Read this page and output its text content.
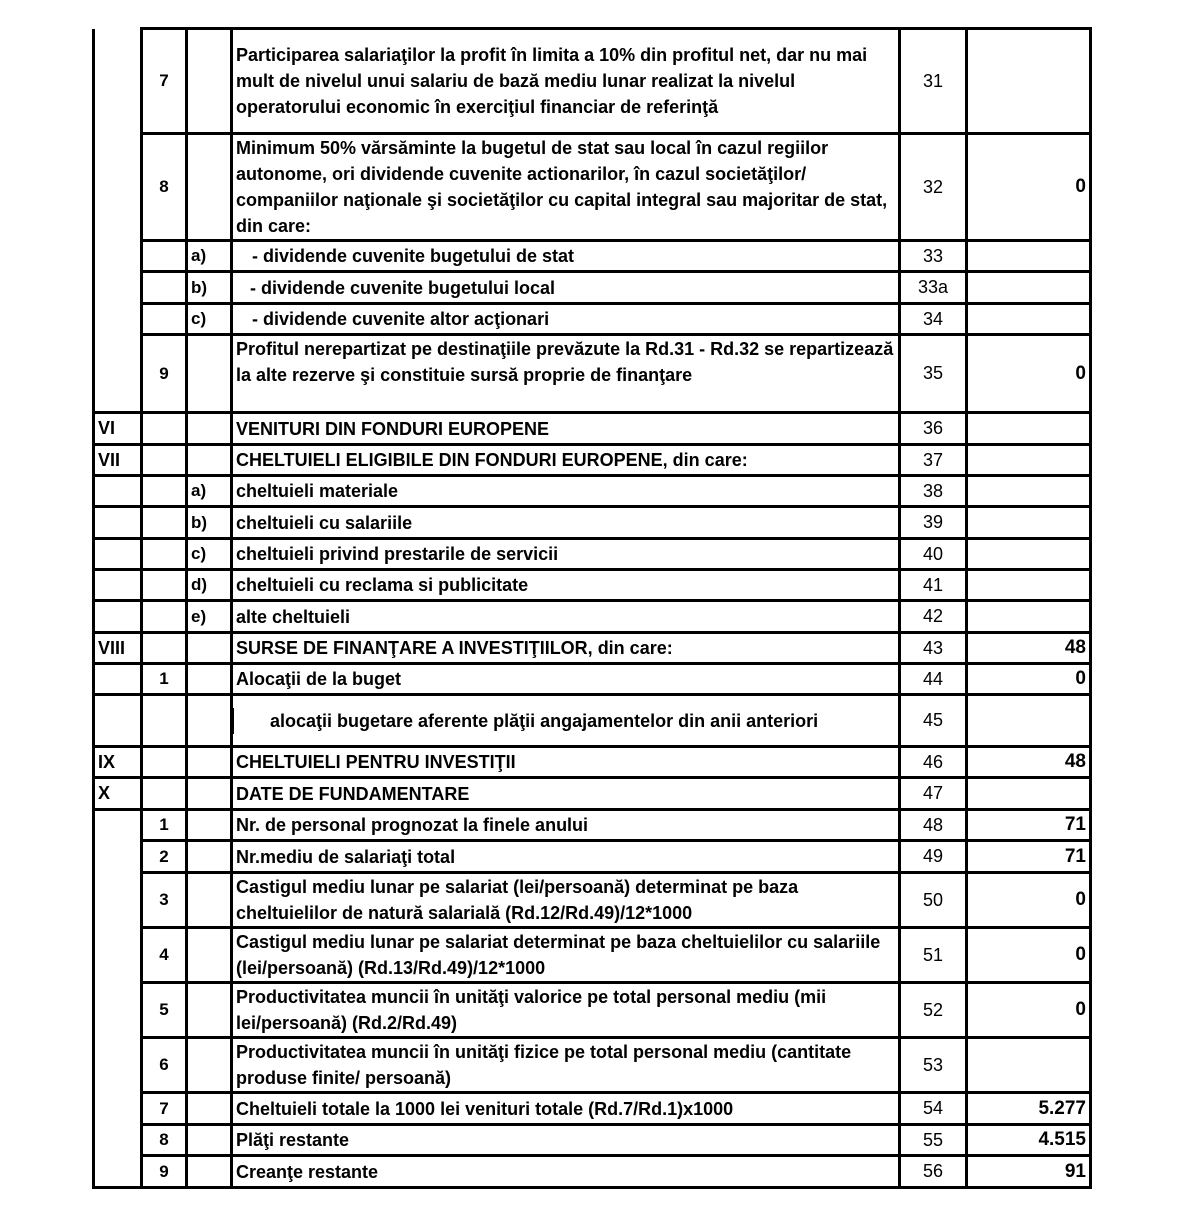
	7		Participarea salariaţilor la profit în limita a 10% din profitul net, dar nu mai mult de nivelul unui salariu de bază mediu lunar realizat la nivelul operatorului economic în exerciţiul financiar de referinţă	31	
	8		Minimum 50% vărsăminte la bugetul de stat sau local în cazul regiilor autonome, ori dividende cuvenite actionarilor, în cazul societăţilor/ companiilor naţionale şi societăţilor cu capital integral sau majoritar de stat, din care:	32	0
		a)	- dividende cuvenite bugetului de stat	33	
		b)	- dividende cuvenite bugetului local	33a	
		c)	- dividende cuvenite altor acţionari	34	
	9		Profitul nerepartizat pe destinaţiile prevăzute la Rd.31 - Rd.32 se repartizează la alte rezerve şi constituie sursă proprie de finanţare	35	0
VI			VENITURI DIN FONDURI EUROPENE	36	
VII			CHELTUIELI ELIGIBILE DIN FONDURI EUROPENE, din care:	37	
		a)	cheltuieli materiale	38	
		b)	cheltuieli cu salariile	39	
		c)	cheltuieli privind prestarile de servicii	40	
		d)	cheltuieli cu reclama si publicitate	41	
		e)	alte cheltuieli	42	
VIII			SURSE DE FINANŢARE A INVESTIŢIILOR, din care:	43	48
	1		Alocaţii de la buget	44	0

			alocaţii bugetare aferente plăţii angajamentelor din anii anteriori	45	
IX			CHELTUIELI PENTRU INVESTIŢII	46	48
X			DATE DE FUNDAMENTARE	47	
	1		Nr. de personal prognozat la finele anului	48	71
	2		Nr.mediu de salariaţi total	49	71
	3		Castigul mediu lunar pe salariat (lei/persoană) determinat pe baza cheltuielilor de natură salarială (Rd.12/Rd.49)/12*1000	50	0
	4		Castigul mediu lunar pe salariat determinat pe baza cheltuielilor cu salariile (lei/persoană) (Rd.13/Rd.49)/12*1000	51	0
	5		Productivitatea muncii în unităţi valorice pe total personal mediu (mii lei/persoană) (Rd.2/Rd.49)	52	0
	6		Productivitatea muncii în unităţi fizice pe total personal mediu (cantitate produse finite/ persoană)	53	
	7		Cheltuieli totale la 1000 lei venituri totale (Rd.7/Rd.1)x1000	54	5.277
	8		Plăţi restante	55	4.515
	9		Creanţe restante	56	91
